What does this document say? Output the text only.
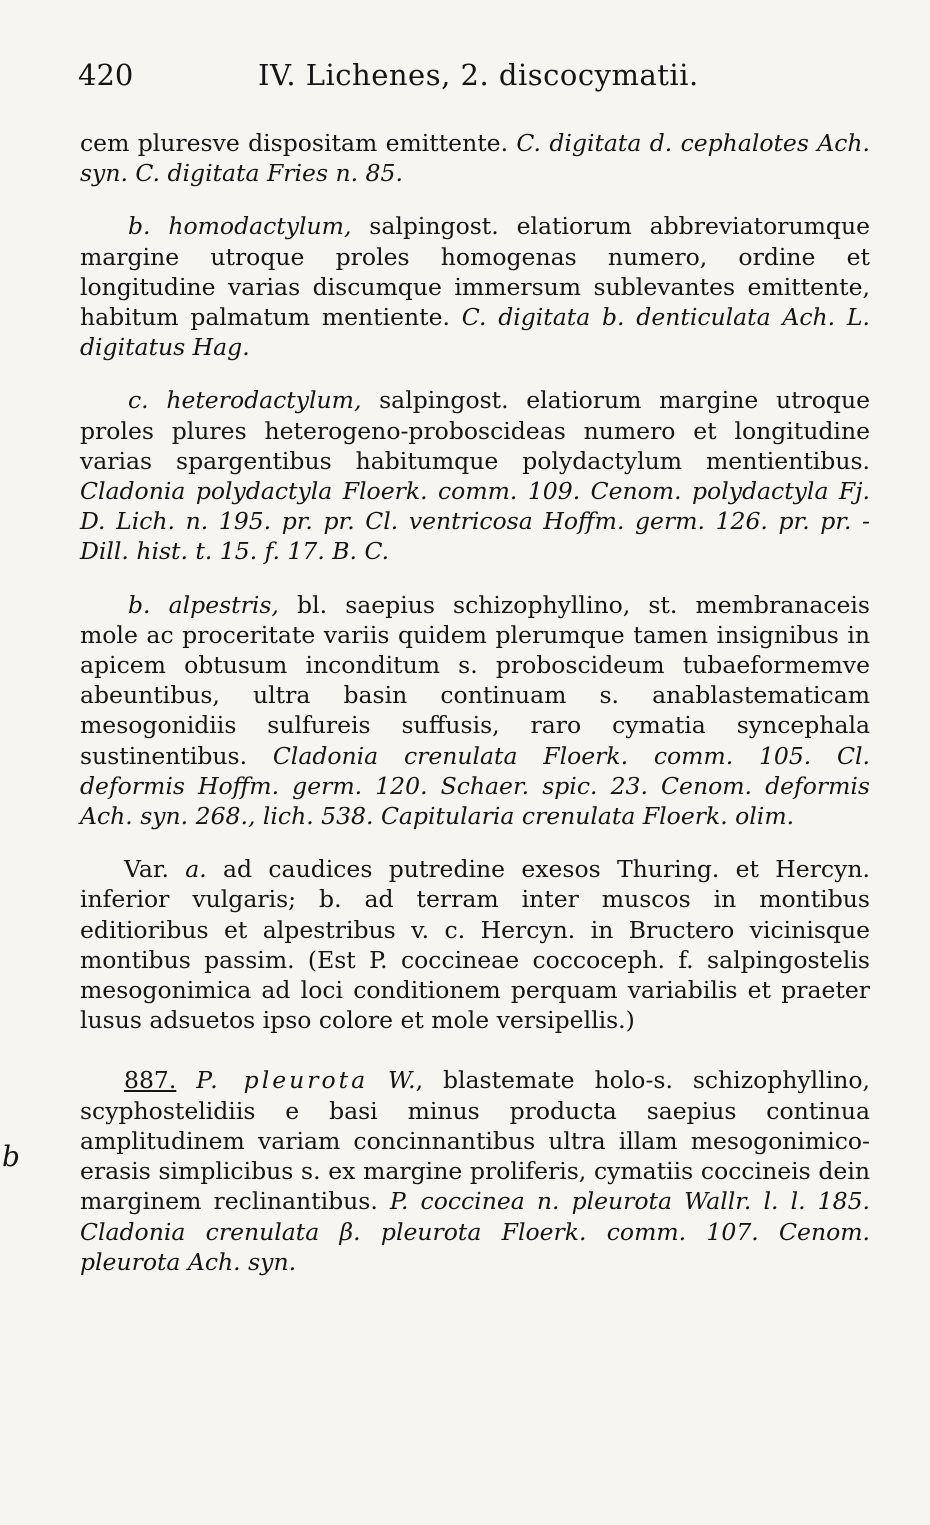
420	IV. Lichenes, 2. discocymatii.
b

cem pluresve dispositam emittente. C. digitata d. cephalotes Ach. syn. C. digitata Fries n. 85.

b. homodactylum, salpingost. elatiorum abbreviatorumque margine utroque proles homogenas numero, ordine et longitudine varias discumque immersum sublevantes emittente, habitum palmatum mentiente. C. digitata b. denticulata Ach. L. digitatus Hag.

c. heterodactylum, salpingost. elatiorum margine utroque proles plures heterogeno-proboscideas numero et longitudine varias spargentibus habitumque polydactylum mentientibus. Cladonia polydactyla Floerk. comm. 109. Cenom. polydactyla Fj. D. Lich. n. 195. pr. pr. Cl. ventricosa Hoffm. germ. 126. pr. pr. - Dill. hist. t. 15. f. 17. B. C.

b. alpestris, bl. saepius schizophyllino, st. membranaceis mole ac proceritate variis quidem plerumque tamen insignibus in apicem obtusum inconditum s. proboscideum tubaeformemve abeuntibus, ultra basin continuam s. anablastematicam mesogonidiis sulfureis suffusis, raro cymatia syncephala sustinentibus. Cladonia crenulata Floerk. comm. 105. Cl. deformis Hoffm. germ. 120. Schaer. spic. 23. Cenom. deformis Ach. syn. 268., lich. 538. Capitularia crenulata Floerk. olim.

Var. a. ad caudices putredine exesos Thuring. et Hercyn. inferior vulgaris; b. ad terram inter muscos in montibus editioribus et alpestribus v. c. Hercyn. in Bructero vicinisque montibus passim. (Est P. coccineae coccoceph. f. salpingostelis mesogonimica ad loci conditionem perquam variabilis et praeter lusus adsuetos ipso colore et mole versipellis.)

887. P. pleurota W., blastemate holo-s. schizophyllino, scyphostelidiis e basi minus producta saepius continua amplitudinem variam concinnantibus ultra illam mesogonimico-erasis simplicibus s. ex margine proliferis, cymatiis coccineis dein marginem reclinantibus. P. coccinea n. pleurota Wallr. l. l. 185. Cladonia crenulata β. pleurota Floerk. comm. 107. Cenom. pleurota Ach. syn.
